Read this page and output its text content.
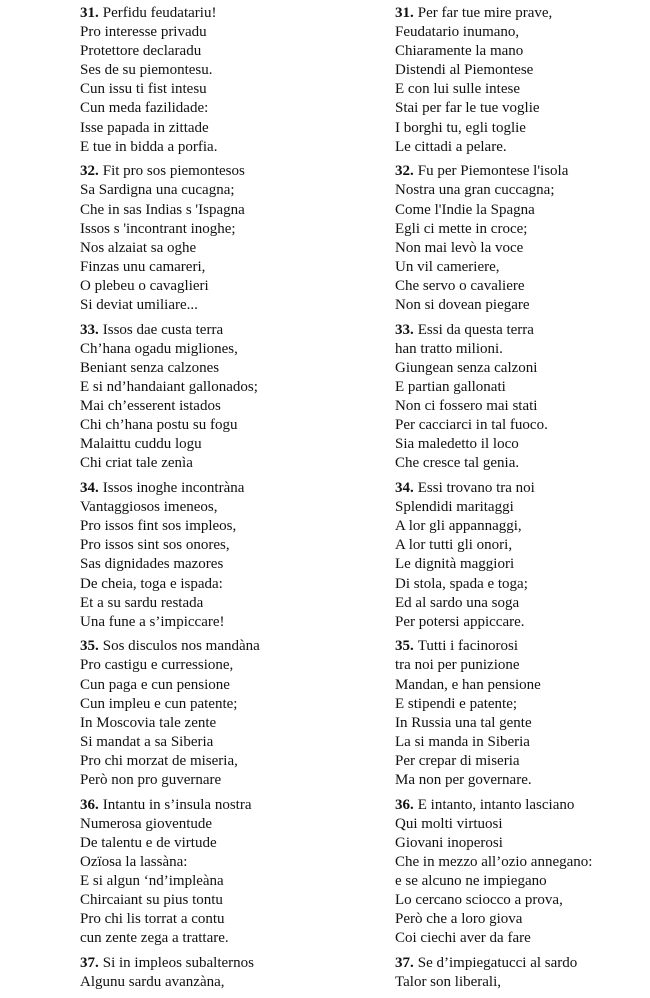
31. Perfidu feudatariu!
Pro interesse privadu
Protettore declaradu
Ses de su piemontesu.
Cun issu ti fist intesu
Cun meda fazilidade:
Isse papada in zittade
E tue in bidda a porfia.
32. Fit pro sos piemontesos
Sa Sardigna una cucagna;
Che in sas Indias s 'Ispagna
Issos s 'incontrant inoghe;
Nos alzaiat sa oghe
Finzas unu camareri,
O plebeu o cavaglieri
Si deviat umiliare...
33. Issos dae custa terra
Ch’hana ogadu migliones,
Beniant senza calzones
E si nd’handaiant gallonados;
Mai ch’esserent istados
Chi ch’hana postu su fogu
Malaittu cuddu logu
Chi criat tale zenìa
34. Issos inoghe incontràna
Vantaggiosos imeneos,
Pro issos fint sos impleos,
Pro issos sint sos onores,
Sas dignidades mazores
De cheia, toga e ispada:
Et a su sardu restada
Una fune a s’impiccare!
35. Sos disculos nos mandàna
Pro castigu e curressione,
Cun paga e cun pensione
Cun impleu e cun patente;
In Moscovia tale zente
Si mandat a sa Siberia
Pro chi morzat de miseria,
Però non pro guvernare
36. Intantu in s’insula nostra
Numerosa gioventude
De talentu e de virtude
Ozïosa la lassàna:
E si algun ‘nd’impleàna
Chircaiant su pius tontu
Pro chi lis torrat a contu
cun zente zega a trattare.
37. Si in impleos subalternos
Algunu sardu avanzàna,
31. Per far tue mire prave,
Feudatario inumano,
Chiaramente la mano
Distendi al Piemontese
E con lui sulle intese
Stai per far le tue voglie
I borghi tu, egli toglie
Le cittadi a pelare.
32. Fu per Piemontese l'isola
Nostra una gran cuccagna;
Come l'Indie la Spagna
Egli ci mette in croce;
Non mai levò la voce
Un vil cameriere,
Che servo o cavaliere
Non si dovean piegare
33. Essi da questa terra
han tratto milioni.
Giungean senza calzoni
E partian gallonati
Non ci fossero mai stati
Per cacciarci in tal fuoco.
Sia maledetto il loco
Che cresce tal genia.
34. Essi trovano tra noi
Splendidi maritaggi
A lor gli appannaggi,
A lor tutti gli onori,
Le dignità maggiori
Di stola, spada e toga;
Ed al sardo una soga
Per potersi appiccare.
35. Tutti i facinorosi
tra noi per punizione
Mandan, e han pensione
E stipendi e patente;
In Russia una tal gente
La si manda in Siberia
Per crepar di miseria
Ma non per governare.
36. E intanto, intanto lasciano
Qui molti virtuosi
Giovani inoperosi
Che in mezzo all’ozio annegano:
e se alcuno ne impiegano
Lo cercano sciocco a prova,
Però che a loro giova
Coi ciechi aver da fare
37. Se d’impiegatucci al sardo
Talor son liberali,
